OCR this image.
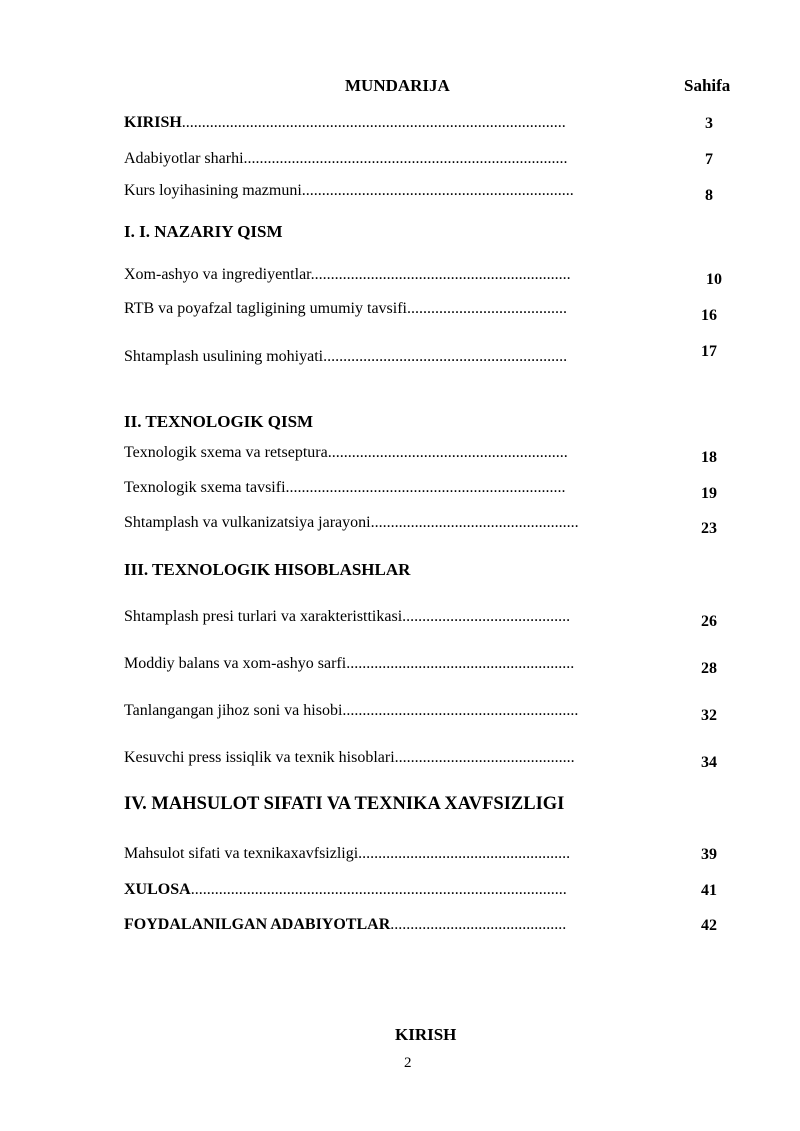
MUNDARIJA	Sahifa
KIRISH................................................................................................	3
Adabiyotlar sharhi.................................................................................	7
Kurs loyihasining mazmuni....................................................................	8
I. I. NAZARIY QISM
Xom-ashyo va ingrediyentlar.................................................................	10
RTB va poyafzal tagligining umumiy tavsifi........................................	16
Shtamplash usulining mohiyati.............................................................	17
II. TEXNOLOGIK QISM
Texnologik sxema va retseptura............................................................	18
Texnologik sxema tavsifi......................................................................	19
Shtamplash va vulkanizatsiya jarayoni....................................................	23
III. TEXNOLOGIK HISOBLASHLAR
Shtamplash presi turlari va xarakteristtikasi..........................................	26
Moddiy balans va xom-ashyo sarfi.........................................................	28
Tanlangangan jihoz soni va hisobi...........................................................	32
Kesuvchi press issiqlik va texnik hisoblari.............................................	34
IV. MAHSULOT SIFATI VA TEXNIKA XAVFSIZLIGI
Mahsulot sifati va texnikaxavfsizligi.....................................................	39
XULOSA..............................................................................................	41
FOYDALANILGAN ADABIYOTLAR............................................	42
KIRISH
2
